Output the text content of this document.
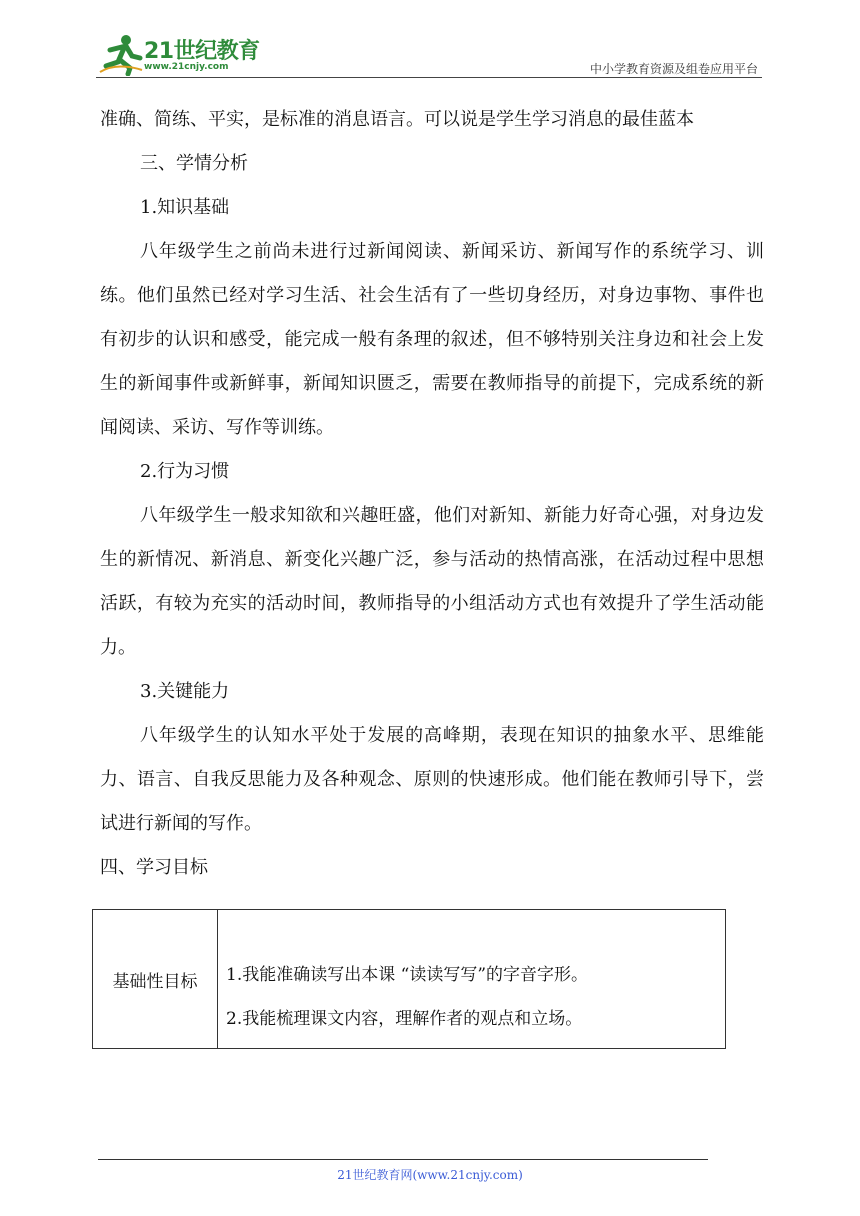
21世纪教育
www.21cnjy.com	中小学教育资源及组卷应用平台

准确、简练、平实，是标准的消息语言。可以说是学生学习消息的最佳蓝本

三、学情分析

1.知识基础

八年级学生之前尚未进行过新闻阅读、新闻采访、新闻写作的系统学习、训练。他们虽然已经对学习生活、社会生活有了一些切身经历，对身边事物、事件也有初步的认识和感受，能完成一般有条理的叙述，但不够特别关注身边和社会上发生的新闻事件或新鲜事，新闻知识匮乏，需要在教师指导的前提下，完成系统的新闻阅读、采访、写作等训练。

2.行为习惯

八年级学生一般求知欲和兴趣旺盛，他们对新知、新能力好奇心强，对身边发生的新情况、新消息、新变化兴趣广泛，参与活动的热情高涨，在活动过程中思想活跃，有较为充实的活动时间，教师指导的小组活动方式也有效提升了学生活动能力。

3.关键能力

八年级学生的认知水平处于发展的高峰期，表现在知识的抽象水平、思维能力、语言、自我反思能力及各种观念、原则的快速形成。他们能在教师引导下，尝试进行新闻的写作。

四、学习目标

基础性目标	1.我能准确读写出本课 “读读写写”的字音字形。
2.我能梳理课文内容，理解作者的观点和立场。
21世纪教育网(www.21cnjy.com)
